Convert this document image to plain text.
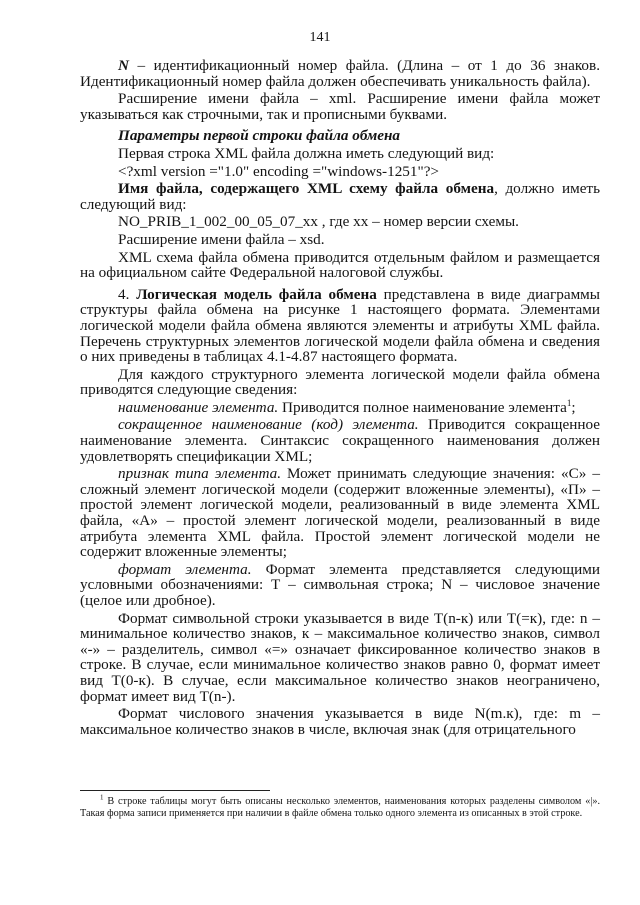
141

N – идентификационный номер файла. (Длина – от 1 до 36 знаков. Идентификационный номер файла должен обеспечивать уникальность файла).

Расширение имени файла – xml. Расширение имени файла может указываться как строчными, так и прописными буквами.

Параметры первой строки файла обмена

Первая строка XML файла должна иметь следующий вид:

<?xml version ="1.0" encoding ="windows-1251"?>

Имя файла, содержащего XML схему файла обмена, должно иметь следующий вид:

NO_PRIB_1_002_00_05_07_xx , где хх – номер версии схемы.

Расширение имени файла – xsd.

XML схема файла обмена приводится отдельным файлом и размещается на официальном сайте Федеральной налоговой службы.

4. Логическая модель файла обмена представлена в виде диаграммы структуры файла обмена на рисунке 1 настоящего формата. Элементами логической модели файла обмена являются элементы и атрибуты XML файла. Перечень структурных элементов логической модели файла обмена и сведения о них приведены в таблицах 4.1-4.87 настоящего формата.

Для каждого структурного элемента логической модели файла обмена приводятся следующие сведения:

наименование элемента. Приводится полное наименование элемента$^1$;

сокращенное наименование (код) элемента. Приводится сокращенное наименование элемента. Синтаксис сокращенного наименования должен удовлетворять спецификации XML;

признак типа элемента. Может принимать следующие значения: «С» – сложный элемент логической модели (содержит вложенные элементы), «П» – простой элемент логической модели, реализованный в виде элемента XML файла, «А» – простой элемент логической модели, реализованный в виде атрибута элемента XML файла. Простой элемент логической модели не содержит вложенные элементы;

формат элемента. Формат элемента представляется следующими условными обозначениями: Т – символьная строка; N – числовое значение (целое или дробное).

Формат символьной строки указывается в виде Т(n-к) или Т(=к), где: n – минимальное количество знаков, к – максимальное количество знаков, символ «-» – разделитель, символ «=» означает фиксированное количество знаков в строке. В случае, если минимальное количество знаков равно 0, формат имеет вид Т(0-к). В случае, если максимальное количество знаков неограничено, формат имеет вид Т(n-).

Формат числового значения указывается в виде N(m.к), где: m – максимальное количество знаков в числе, включая знак (для отрицательного

$^1$ В строке таблицы могут быть описаны несколько элементов, наименования которых разделены символом «|». Такая форма записи применяется при наличии в файле обмена только одного элемента из описанных в этой строке.
